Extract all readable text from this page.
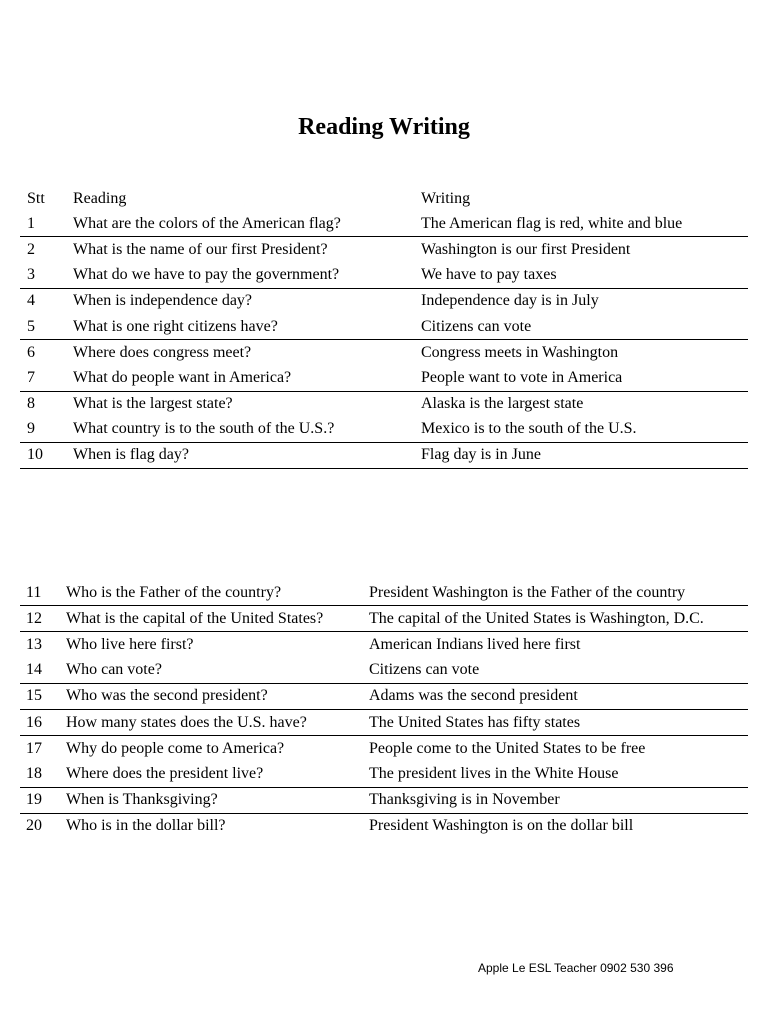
Reading Writing
Stt	Reading	Writing
1	What are the colors of the American flag?	The American flag is red, white and blue
2	What is the name of our first President?	Washington is our first President
3	What do we have to pay the government?	We have to pay taxes
4	When is independence day?	Independence day is in July
5	What is one right citizens have?	Citizens can vote
6	Where does congress meet?	Congress meets in Washington
7	What do people want in America?	People want to vote in America
8	What is the largest state?	Alaska is the largest state
9	What country is to the south of the U.S.?	Mexico is to the south of the U.S.
10	When is flag day?	Flag day is in June
11	Who is the Father of the country?	President Washington is the Father of the country
12	What is the capital of the United States?	The capital of the United States is Washington, D.C.
13	Who live here first?	American Indians lived here first
14	Who can vote?	Citizens can vote
15	Who was the second president?	Adams was the second president
16	How many states does the U.S. have?	The United States has fifty states
17	Why do people come to America?	People come to the United States to be free
18	Where does the president live?	The president lives in the White House
19	When is Thanksgiving?	Thanksgiving is in November
20	Who is in the dollar bill?	President Washington is on the dollar bill
Apple Le ESL Teacher 0902 530 396
